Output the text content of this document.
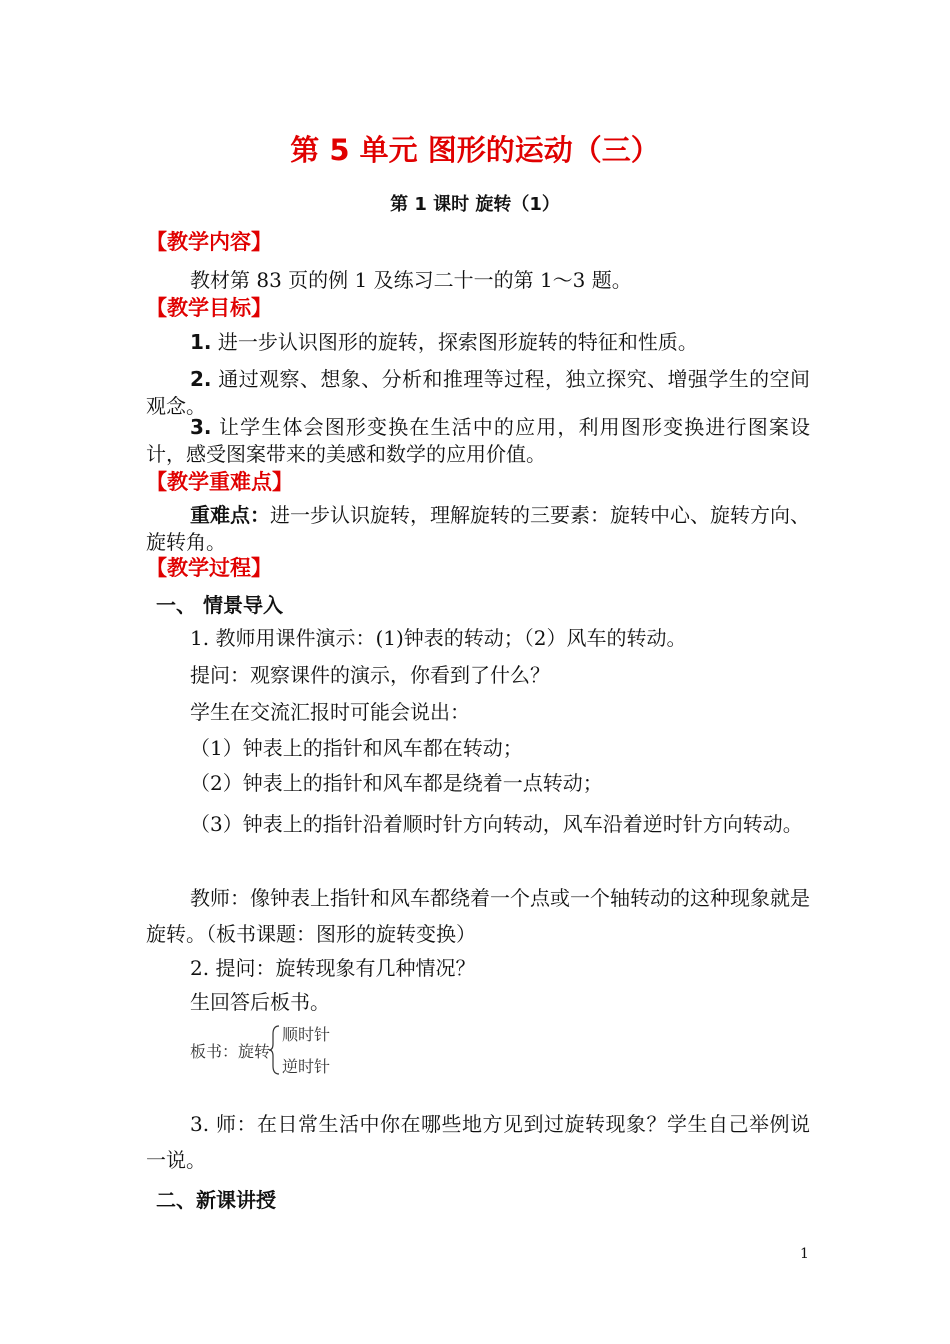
第 5 单元 图形的运动（三）
第 1 课时 旋转（1）
【教学内容】
教材第 83 页的例 1 及练习二十一的第 1～3 题。
【教学目标】
1. 进一步认识图形的旋转，探索图形旋转的特征和性质。
2. 通过观察、想象、分析和推理等过程，独立探究、增强学生的空间观念。
3. 让学生体会图形变换在生活中的应用，利用图形变换进行图案设计，感受图案带来的美感和数学的应用价值。
【教学重难点】
重难点：进一步认识旋转，理解旋转的三要素：旋转中心、旋转方向、旋转角。
【教学过程】
一、 情景导入
1. 教师用课件演示：(1)钟表的转动；（2）风车的转动。
提问：观察课件的演示，你看到了什么？
学生在交流汇报时可能会说出：
（1）钟表上的指针和风车都在转动；
（2）钟表上的指针和风车都是绕着一点转动；
（3）钟表上的指针沿着顺时针方向转动，风车沿着逆时针方向转动。
教师：像钟表上指针和风车都绕着一个点或一个轴转动的这种现象就是旋转。（板书课题：图形的旋转变换）
2. 提问：旋转现象有几种情况？
生回答后板书。
板书：旋转
顺时针
逆时针
3. 师：在日常生活中你在哪些地方见到过旋转现象？学生自己举例说一说。
二、新课讲授
1
